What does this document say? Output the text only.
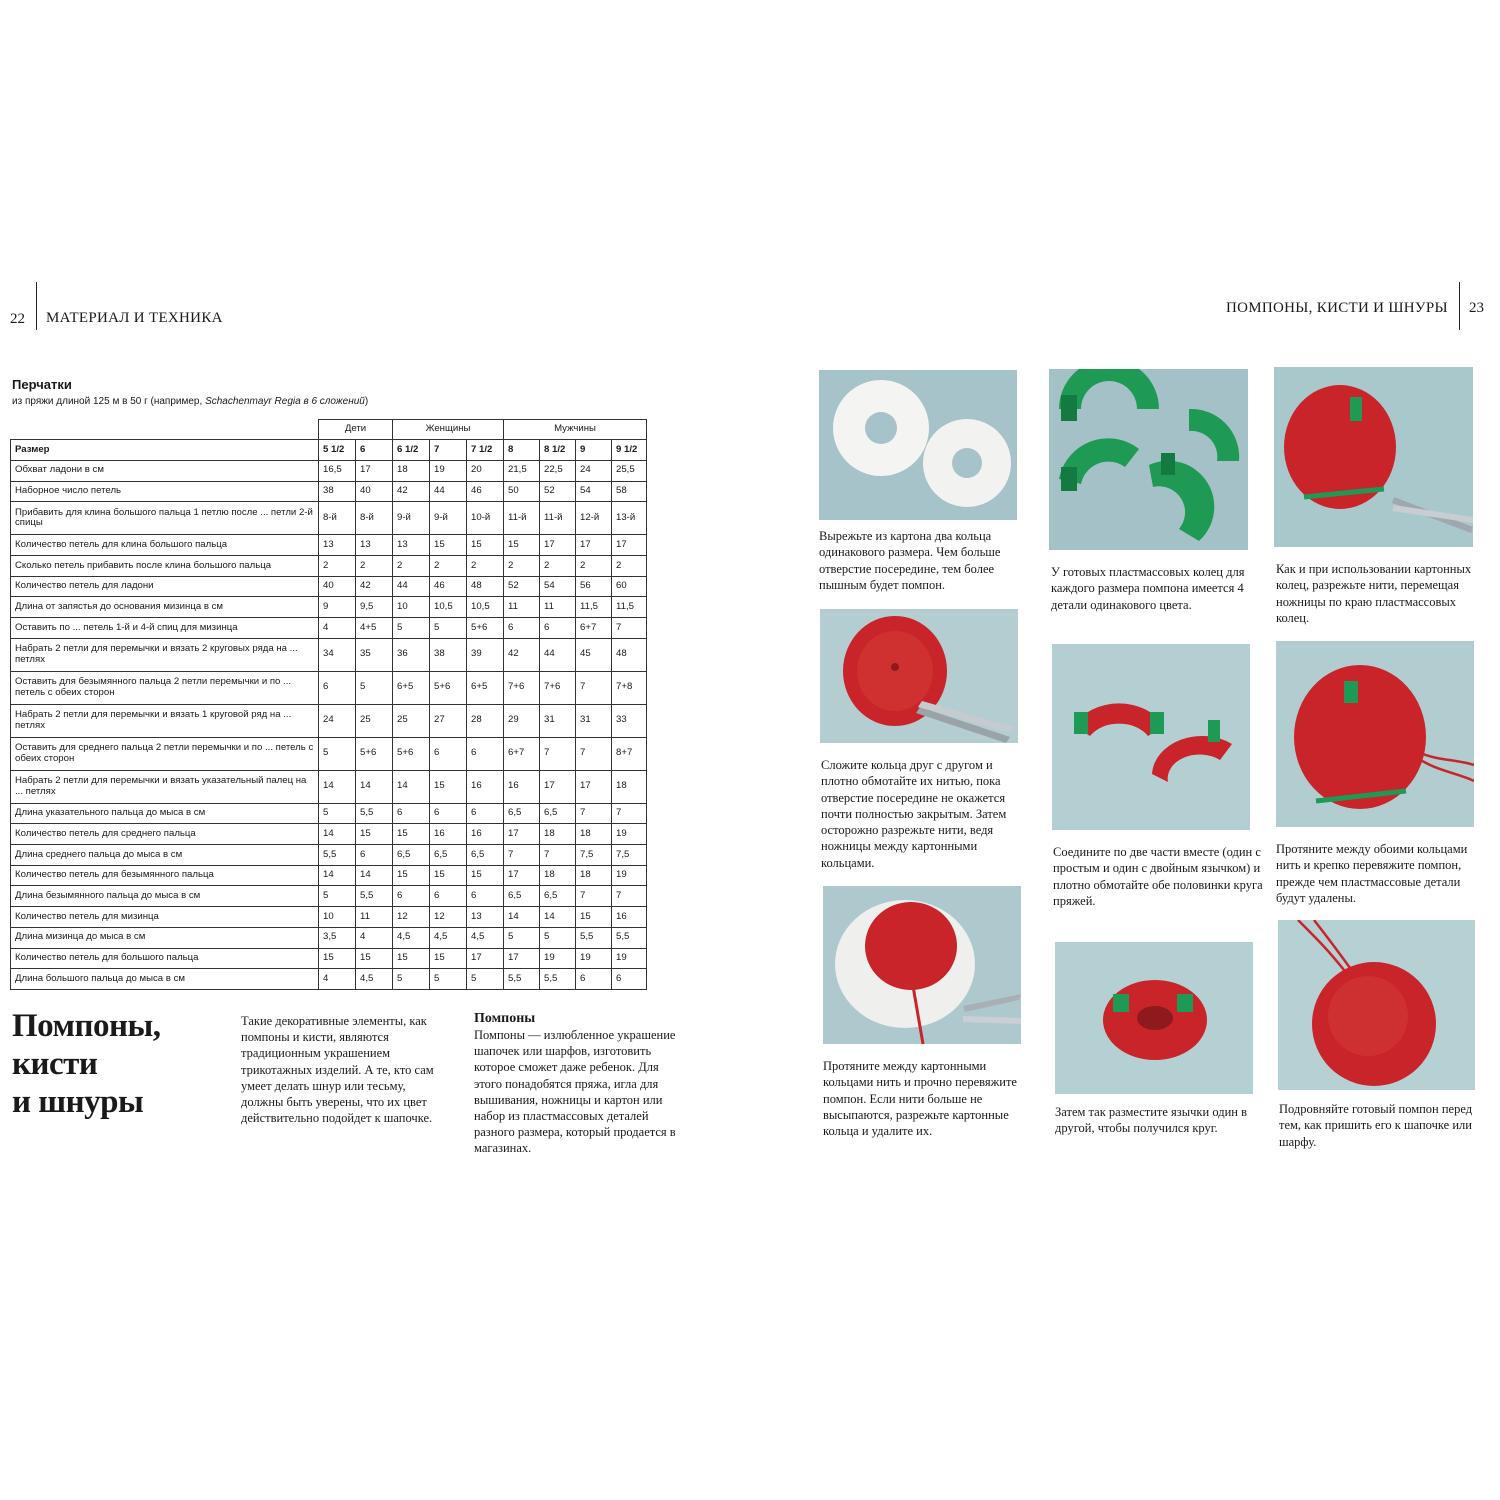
22 МАТЕРИАЛ И ТЕХНИКА
Перчатки
из пряжи длиной 125 м в 50 г (например, Schachenmayr Regia в 6 сложений)
	Дети		Женщины			Мужчины			
Размер	5 1/2	6	6 1/2	7	7 1/2	8	8 1/2	9	9 1/2
Обхват ладони в см	16,5	17	18	19	20	21,5	22,5	24	25,5
Наборное число петель	38	40	42	44	46	50	52	54	58
Прибавить для клина большого пальца 1 петлю после ... петли 2-й спицы	8-й	8-й	9-й	9-й	10-й	11-й	11-й	12-й	13-й
Количество петель для клина большого пальца	13	13	13	15	15	15	17	17	17
Сколько петель прибавить после клина большого пальца	2	2	2	2	2	2	2	2	2
Количество петель для ладони	40	42	44	46	48	52	54	56	60
Длина от запястья до основания мизинца в см	9	9,5	10	10,5	10,5	11	11	11,5	11,5
Оставить по ... петель 1-й и 4-й спиц для мизинца	4	4+5	5	5	5+6	6	6	6+7	7
Набрать 2 петли для перемычки и вязать 2 круговых ряда на ... петлях	34	35	36	38	39	42	44	45	48
Оставить для безымянного пальца 2 петли перемычки и по ... петель с обеих сторон	6	5	6+5	5+6	6+5	7+6	7+6	7	7+8
Набрать 2 петли для перемычки и вязать 1 круговой ряд на ... петлях	24	25	25	27	28	29	31	31	33
Оставить для среднего пальца 2 петли перемычки и по ... петель с обеих сторон	5	5+6	5+6	6	6	6+7	7	7	8+7
Набрать 2 петли для перемычки и вязать указательный палец на ... петлях	14	14	14	15	16	16	17	17	18
Длина указательного пальца до мыса в см	5	5,5	6	6	6	6,5	6,5	7	7
Количество петель для среднего пальца	14	15	15	16	16	17	18	18	19
Длина среднего пальца до мыса в см	5,5	6	6,5	6,5	6,5	7	7	7,5	7,5
Количество петель для безымянного пальца	14	14	15	15	15	17	18	18	19
Длина безымянного пальца до мыса в см	5	5,5	6	6	6	6,5	6,5	7	7
Количество петель для мизинца	10	11	12	12	13	14	14	15	16
Длина мизинца до мыса в см	3,5	4	4,5	4,5	4,5	5	5	5,5	5,5
Количество петель для большого пальца	15	15	15	15	17	17	19	19	19
Длина большого пальца до мыса в см	4	4,5	5	5	5	5,5	5,5	6	6
Помпоны,
кисти
и шнуры
Такие декоративные элементы, как помпоны и кисти, являются традиционным украшением трикотажных изделий. А те, кто сам умеет делать шнур или тесьму, должны быть уверены, что их цвет действительно подойдет к шапочке.
Помпоны
Помпоны — излюбленное украшение шапочек или шарфов, изготовить которое сможет даже ребенок. Для этого понадобятся пряжа, игла для вышивания, ножницы и картон или набор из пластмассовых деталей разного размера, который продается в магазинах.
ПОМПОНЫ, КИСТИ И ШНУРЫ 23
Вырежьте из картона два кольца одинакового размера. Чем больше отверстие посередине, тем более пышным будет помпон.
Сложите кольца друг с другом и плотно обмотайте их нитью, пока отверстие посередине не окажется почти полностью закрытым. Затем осторожно разрежьте нити, ведя ножницы между картонными кольцами.
Протяните между картонными кольцами нить и прочно перевяжите помпон. Если нити больше не высыпаются, разрежьте картонные кольца и удалите их.
У готовых пластмассовых колец для каждого размера помпона имеется 4 детали одинакового цвета.
Соедините по две части вместе (один с простым и один с двойным язычком) и плотно обмотайте обе половинки круга пряжей.
Затем так разместите язычки один в другой, чтобы получился круг.
Как и при использовании картонных колец, разрежьте нити, перемещая ножницы по краю пластмассовых колец.
Протяните между обоими кольцами нить и крепко перевяжите помпон, прежде чем пластмассовые детали будут удалены.
Подровняйте готовый помпон перед тем, как пришить его к шапочке или шарфу.
